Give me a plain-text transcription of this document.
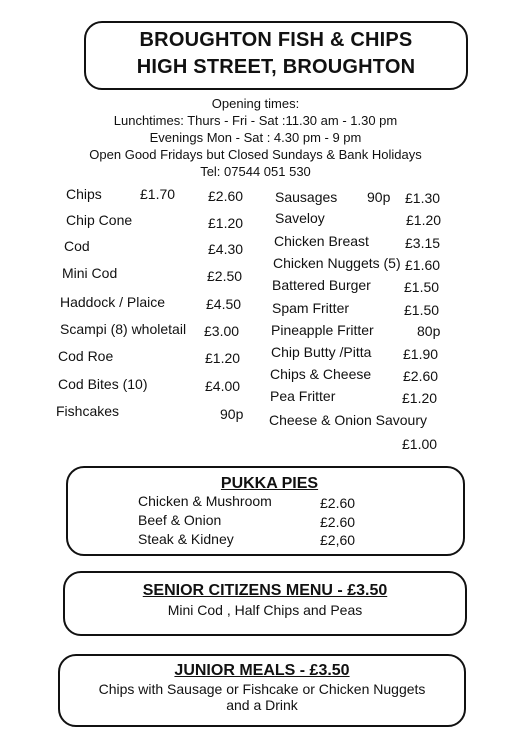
BROUGHTON FISH & CHIPS
HIGH STREET, BROUGHTON
Opening times:
Lunchtimes: Thurs - Fri - Sat :11.30 am - 1.30 pm
Evenings Mon - Sat : 4.30 pm - 9 pm
Open Good Fridays but Closed Sundays & Bank Holidays
Tel: 07544 051 530
Chips	£1.70 £2.60
Chip Cone	£1.20
Cod	£4.30
Mini Cod	£2.50
Haddock / Plaice	£4.50
Scampi (8) wholetail £3.00
Cod Roe	£1.20
Cod Bites (10)	£4.00
Fishcakes	90p
Sausages 90p £1.30
Saveloy	£1.20
Chicken Breast	£3.15
Chicken Nuggets (5) £1.60
Battered Burger £1.50
Spam Fritter	£1.50
Pineapple Fritter	80p
Chip Butty /Pitta £1.90
Chips & Cheese £2.60
Pea Fritter	£1.20
Cheese & Onion Savoury
£1.00
PUKKA PIES
Chicken & Mushroom	£2.60
Beef & Onion	£2.60
Steak & Kidney	£2,60
SENIOR CITIZENS MENU - £3.50
Mini Cod , Half Chips and Peas
JUNIOR MEALS - £3.50
Chips with Sausage or Fishcake or Chicken Nuggets
and a Drink
